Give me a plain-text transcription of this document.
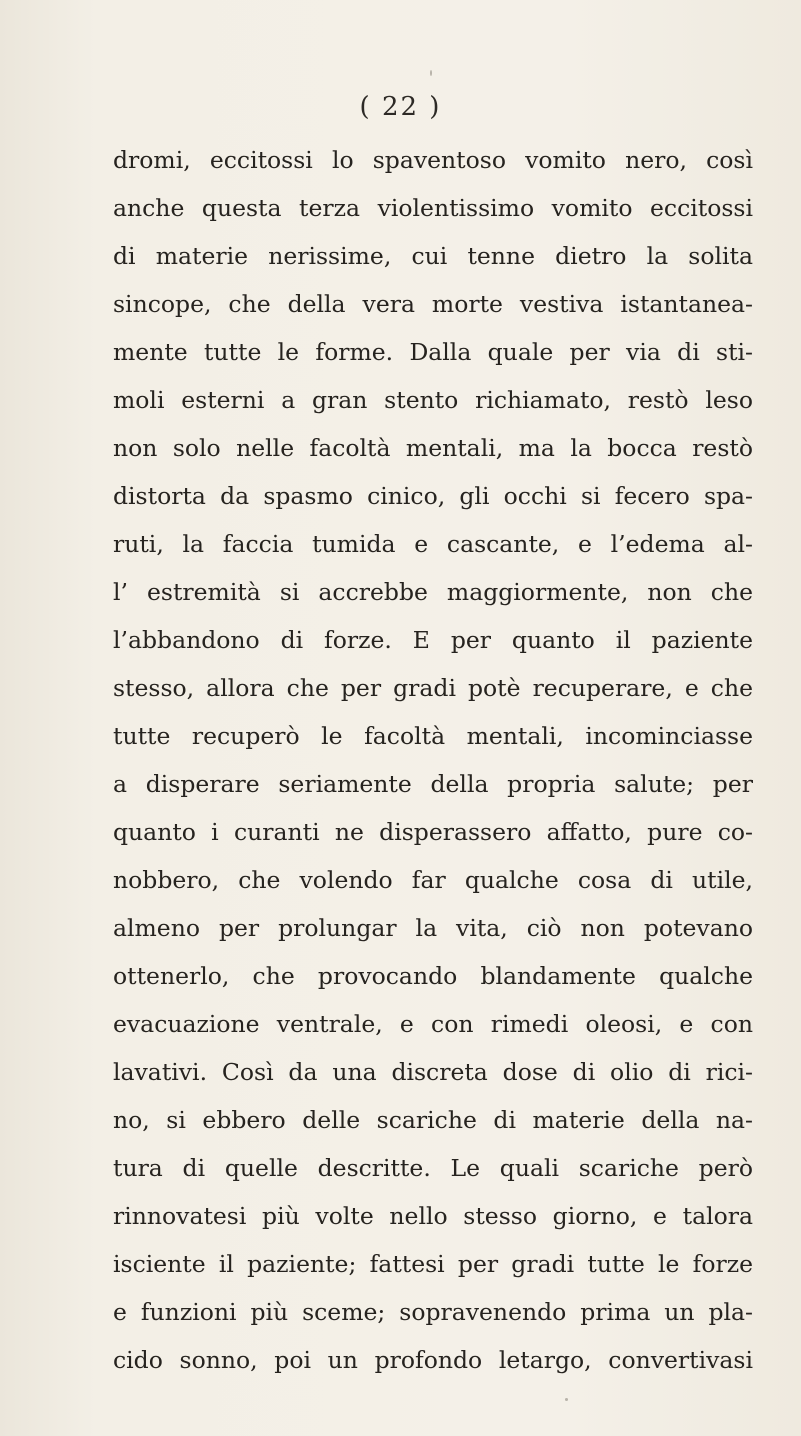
( 22 )
dromi, eccitossi lo spaventoso vomito nero, così
anche questa terza violentissimo vomito eccitossi
di materie nerissime, cui tenne dietro la solita
sincope, che della vera morte vestiva istantanea-
mente tutte le forme. Dalla quale per via di sti-
moli esterni a gran stento richiamato, restò leso
non solo nelle facoltà mentali, ma la bocca restò
distorta da spasmo cinico, gli occhi si fecero spa-
ruti, la faccia tumida e cascante, e l’edema al-
l’ estremità si accrebbe maggiormente, non che
l’abbandono di forze. E per quanto il paziente
stesso, allora che per gradi potè recuperare, e che
tutte recuperò le facoltà mentali, incominciasse
a disperare seriamente della propria salute; per
quanto i curanti ne disperassero affatto, pure co-
nobbero, che volendo far qualche cosa di utile,
almeno per prolungar la vita, ciò non potevano
ottenerlo, che provocando blandamente qualche
evacuazione ventrale, e con rimedi oleosi, e con
lavativi. Così da una discreta dose di olio di rici-
no, si ebbero delle scariche di materie della na-
tura di quelle descritte. Le quali scariche però
rinnovatesi più volte nello stesso giorno, e talora
isciente il paziente; fattesi per gradi tutte le forze
e funzioni più sceme; sopravenendo prima un pla-
cido sonno, poi un profondo letargo, convertivasi
